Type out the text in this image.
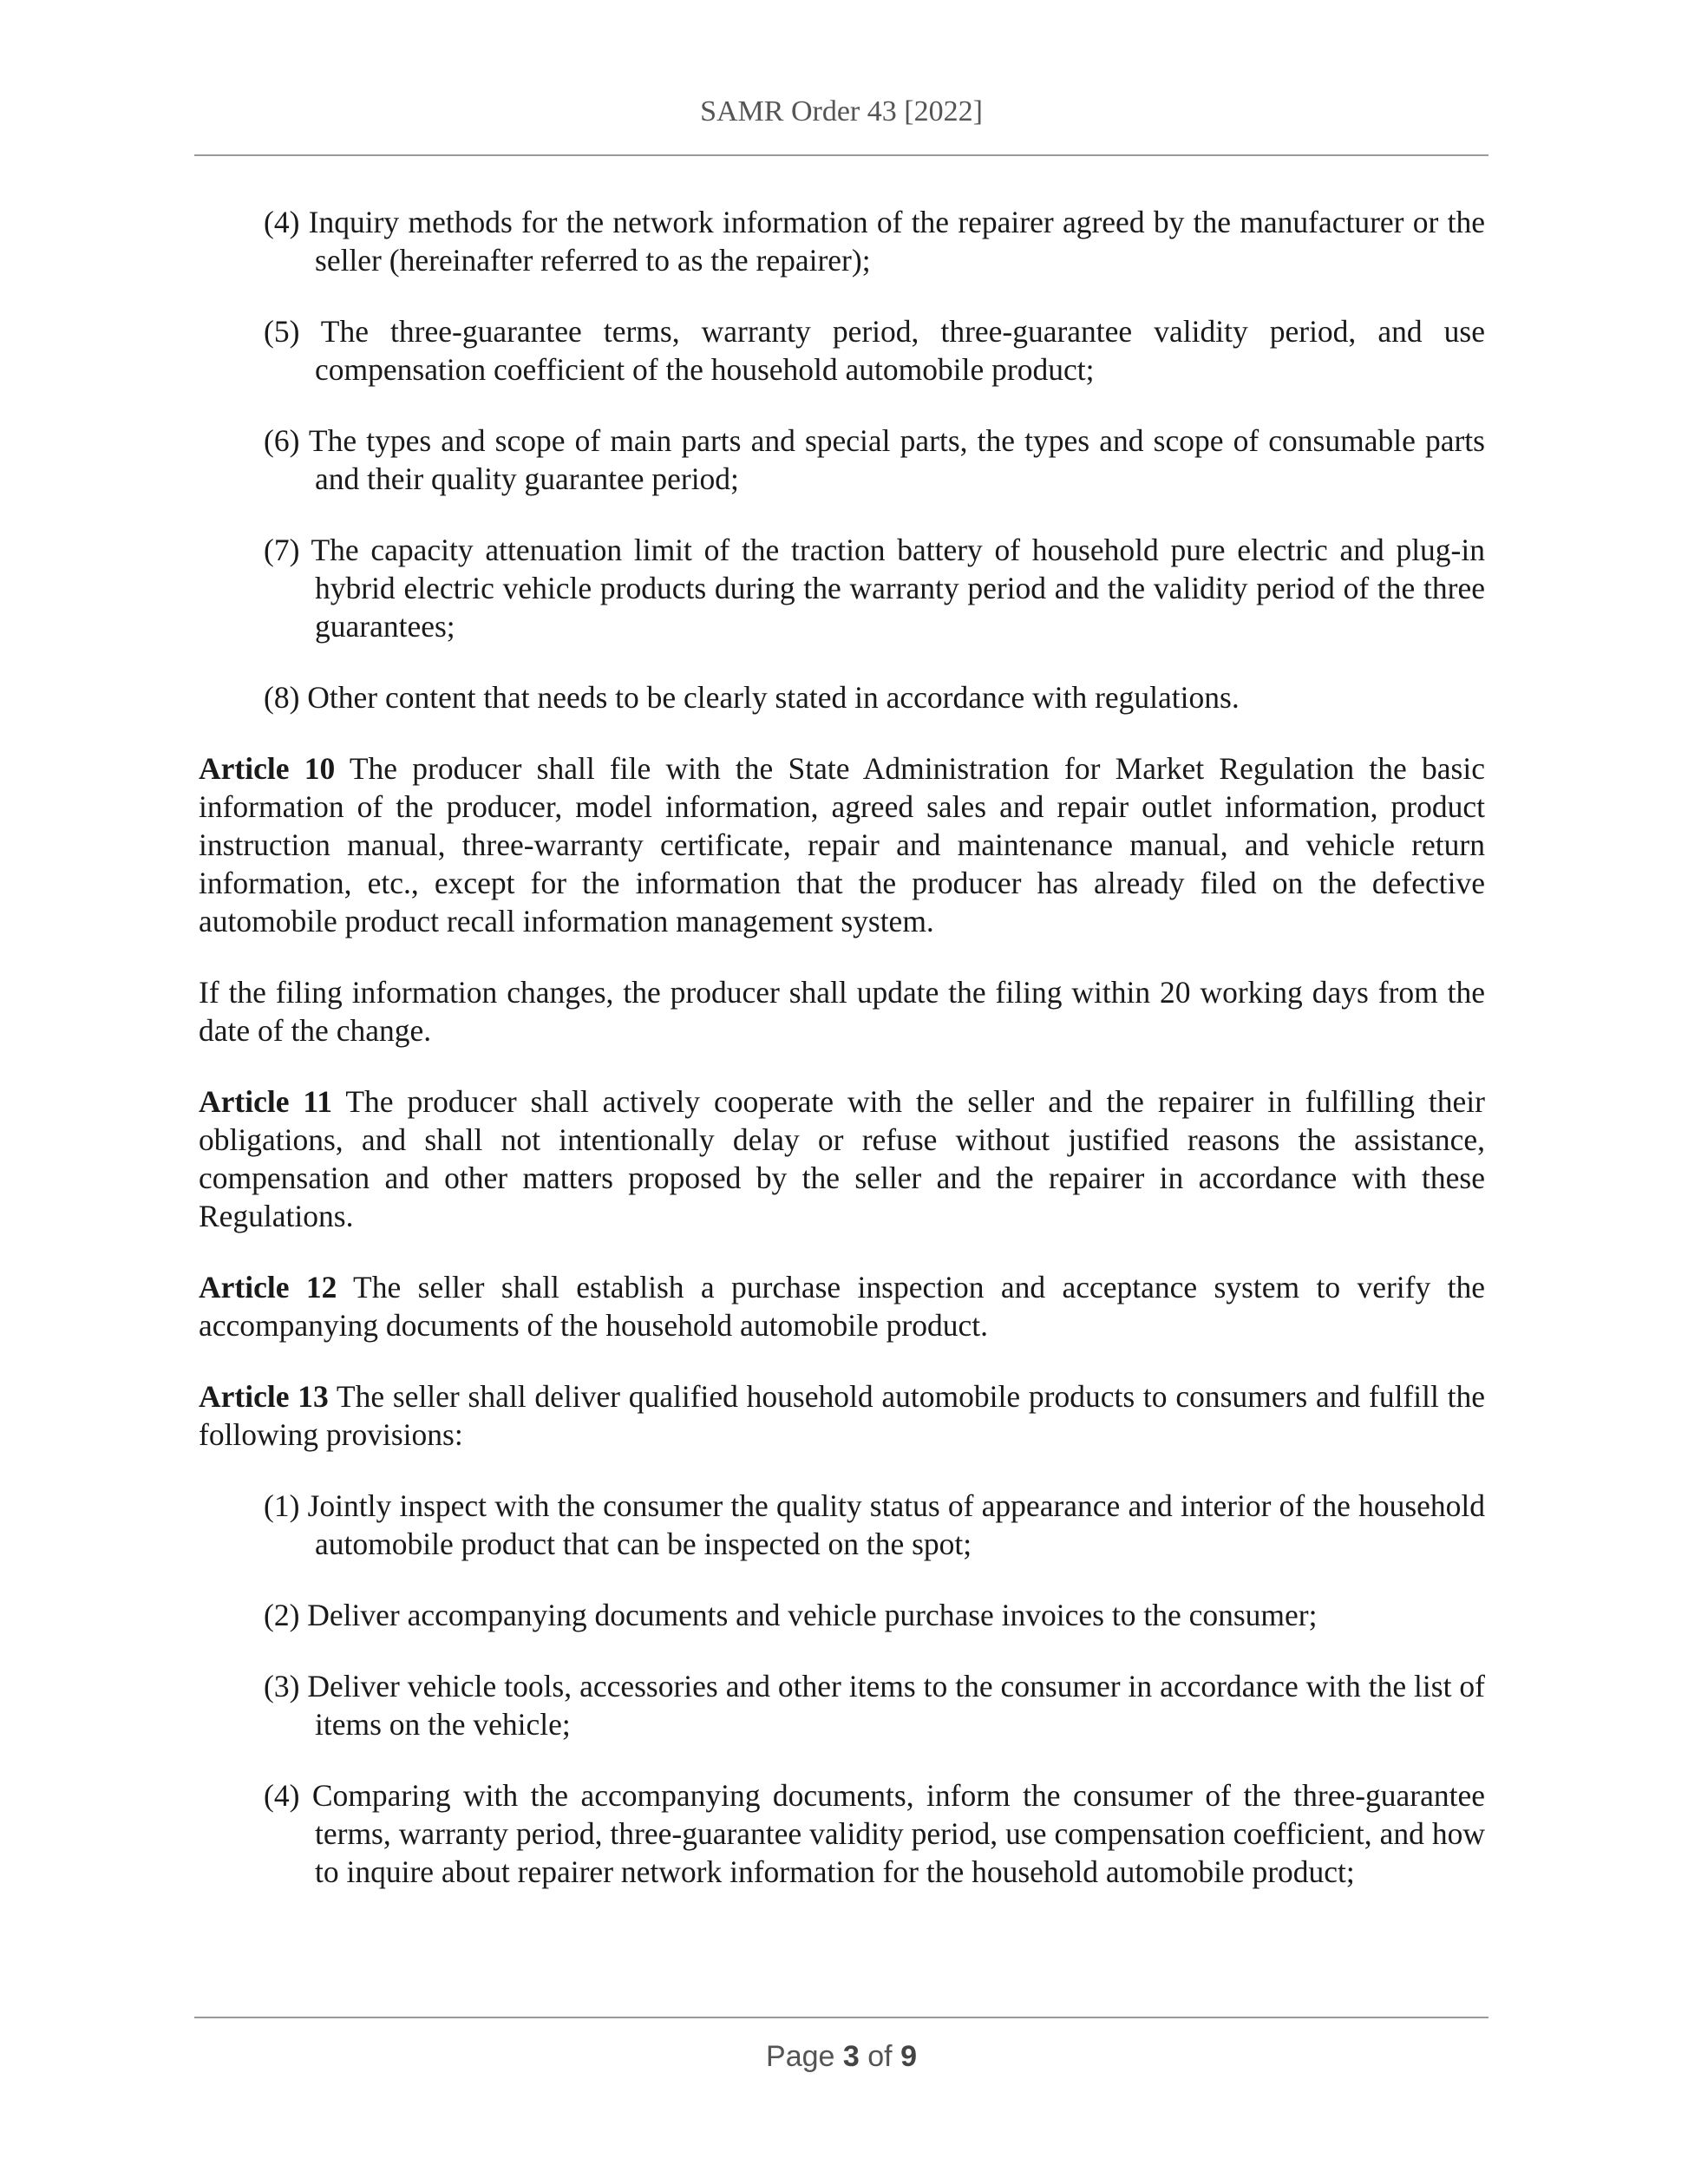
SAMR Order 43 [2022]

(4) Inquiry methods for the network information of the repairer agreed by the manufacturer or the seller (hereinafter referred to as the repairer);

(5) The three-guarantee terms, warranty period, three-guarantee validity period, and use compensation coefficient of the household automobile product;

(6) The types and scope of main parts and special parts, the types and scope of consumable parts and their quality guarantee period;

(7) The capacity attenuation limit of the traction battery of household pure electric and plug-in hybrid electric vehicle products during the warranty period and the validity period of the three guarantees;

(8) Other content that needs to be clearly stated in accordance with regulations.

Article 10 The producer shall file with the State Administration for Market Regulation the basic information of the producer, model information, agreed sales and repair outlet information, product instruction manual, three-warranty certificate, repair and maintenance manual, and vehicle return information, etc., except for the information that the producer has already filed on the defective automobile product recall information management system.

If the filing information changes, the producer shall update the filing within 20 working days from the date of the change.

Article 11 The producer shall actively cooperate with the seller and the repairer in fulfilling their obligations, and shall not intentionally delay or refuse without justified reasons the assistance, compensation and other matters proposed by the seller and the repairer in accordance with these Regulations.

Article 12 The seller shall establish a purchase inspection and acceptance system to verify the accompanying documents of the household automobile product.

Article 13 The seller shall deliver qualified household automobile products to consumers and fulfill the following provisions:

(1) Jointly inspect with the consumer the quality status of appearance and interior of the household automobile product that can be inspected on the spot;

(2) Deliver accompanying documents and vehicle purchase invoices to the consumer;

(3) Deliver vehicle tools, accessories and other items to the consumer in accordance with the list of items on the vehicle;

(4) Comparing with the accompanying documents, inform the consumer of the three-guarantee terms, warranty period, three-guarantee validity period, use compensation coefficient, and how to inquire about repairer network information for the household automobile product;

Page 3 of 9
